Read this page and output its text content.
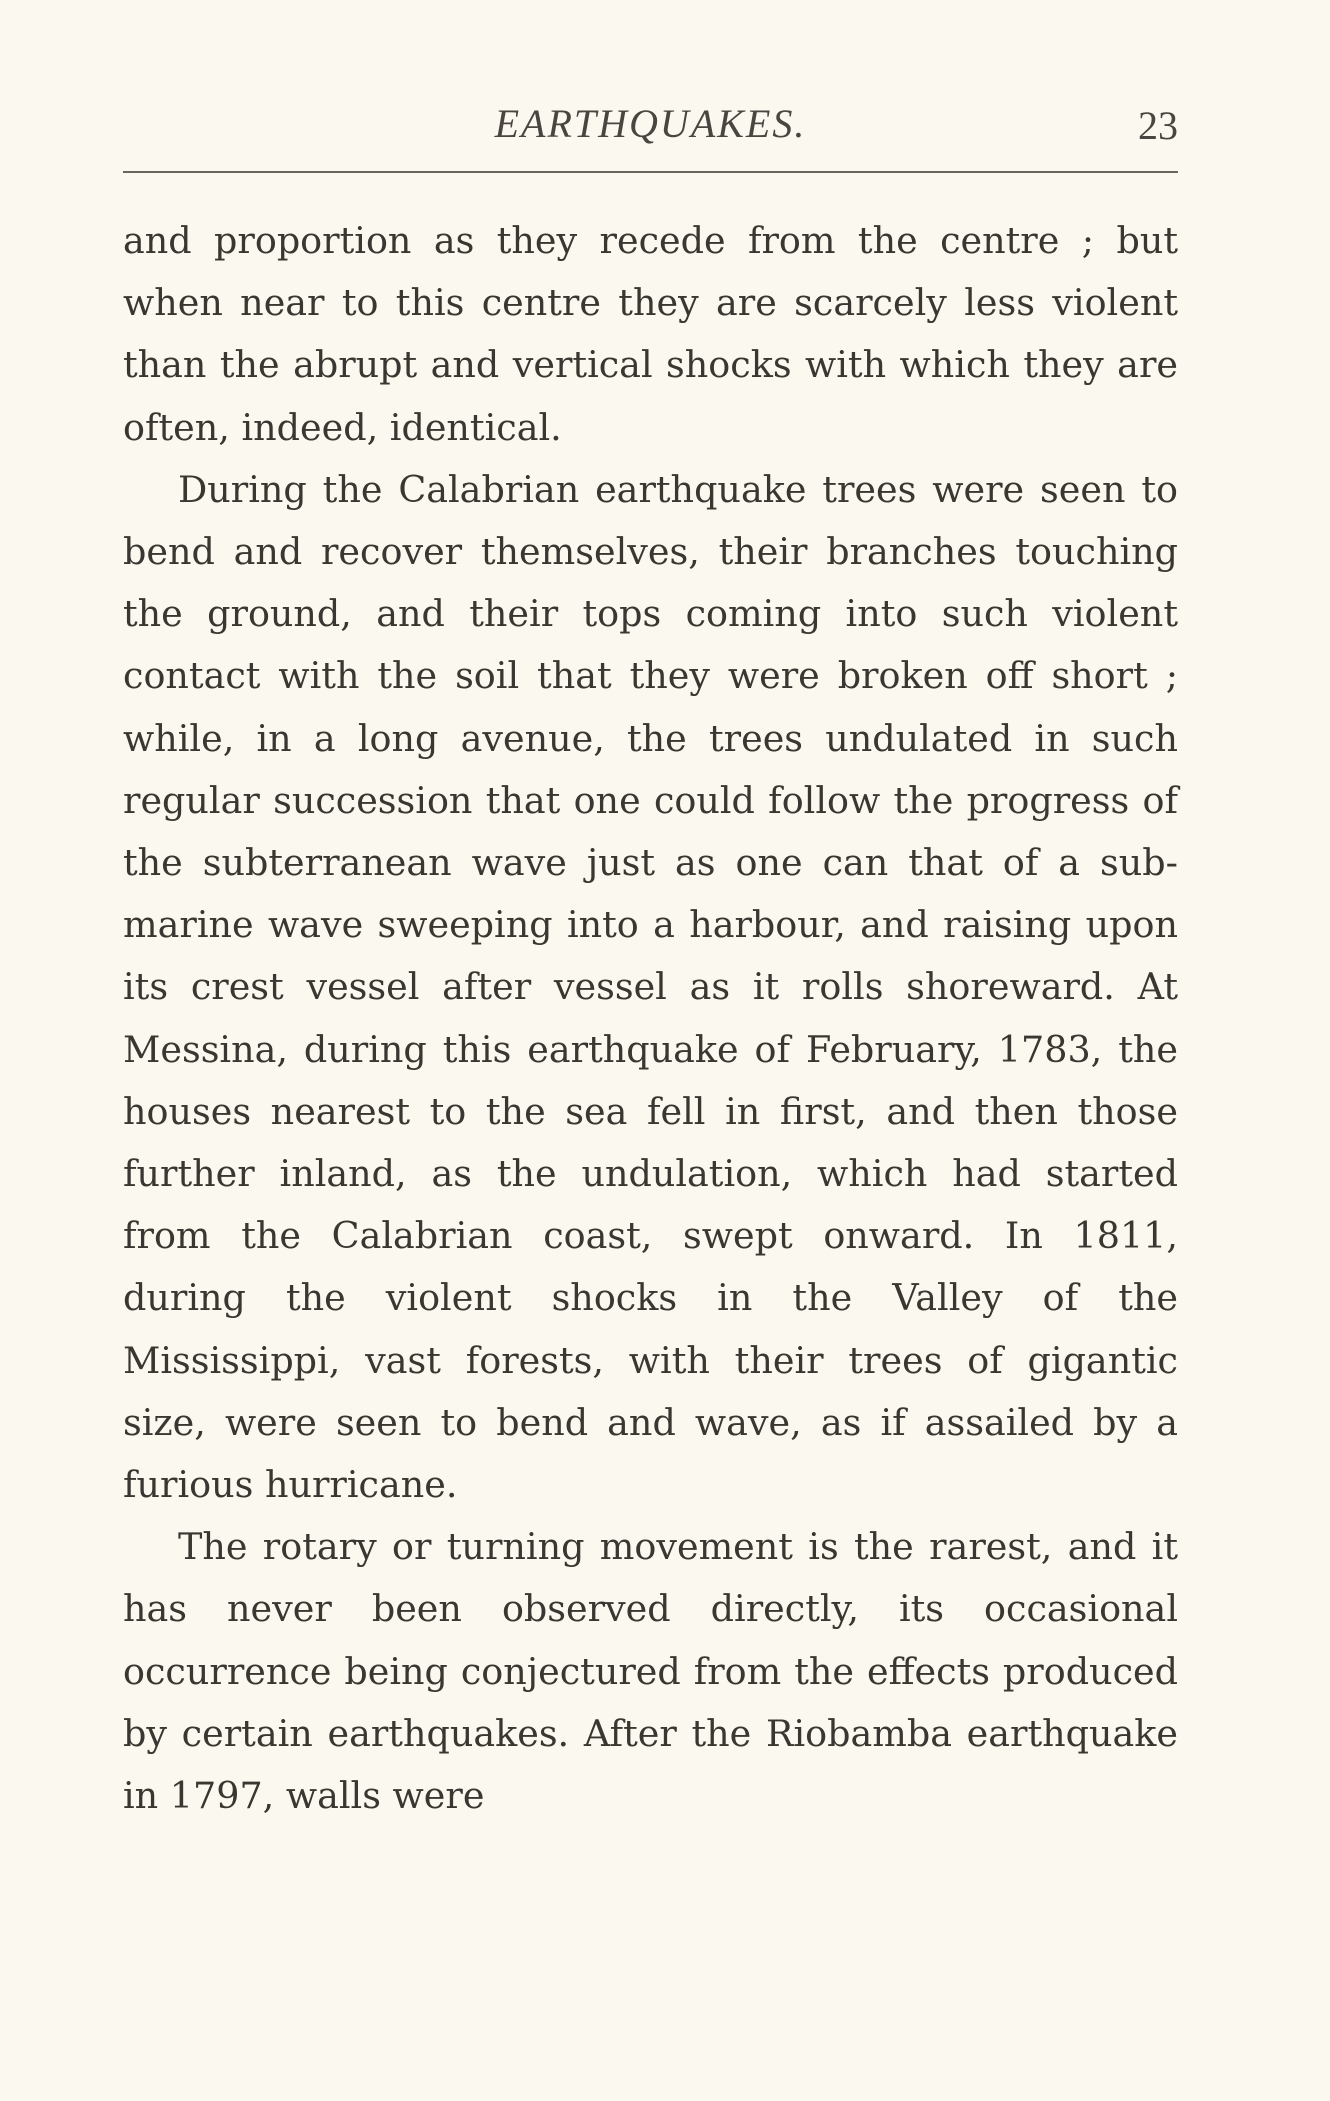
EARTHQUAKES.	23

and proportion as they recede from the centre ; but when near to this centre they are scarcely less violent than the abrupt and vertical shocks with which they are often, indeed, identical.

During the Calabrian earthquake trees were seen to bend and recover themselves, their branches touching the ground, and their tops coming into such violent contact with the soil that they were broken off short ; while, in a long avenue, the trees undulated in such regular succession that one could follow the progress of the subterranean wave just as one can that of a submarine wave sweeping into a harbour, and raising upon its crest vessel after vessel as it rolls shoreward. At Messina, during this earthquake of February, 1783, the houses nearest to the sea fell in first, and then those further inland, as the undulation, which had started from the Calabrian coast, swept onward. In 1811, during the violent shocks in the Valley of the Mississippi, vast forests, with their trees of gigantic size, were seen to bend and wave, as if assailed by a furious hurricane.

The rotary or turning movement is the rarest, and it has never been observed directly, its occasional occurrence being conjectured from the effects produced by certain earthquakes. After the Riobamba earthquake in 1797, walls were
